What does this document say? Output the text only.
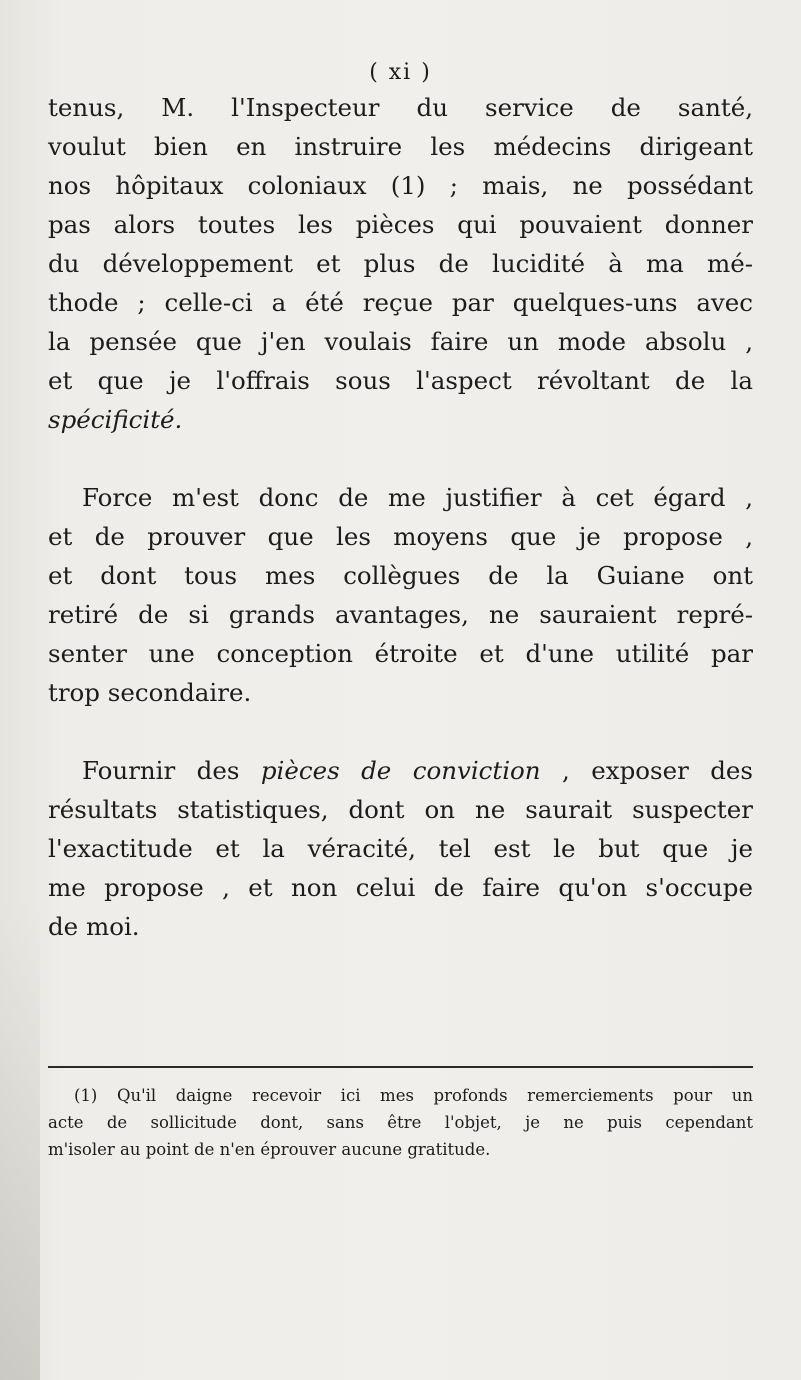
( xi )

tenus, M. l'Inspecteur du service de santé,

voulut bien en instruire les médecins dirigeant

nos hôpitaux coloniaux (1) ; mais, ne possédant

pas alors toutes les pièces qui pouvaient donner

du développement et plus de lucidité à ma mé-

thode ; celle-ci a été reçue par quelques-uns avec

la pensée que j'en voulais faire un mode absolu ,

et que je l'offrais sous l'aspect révoltant de la

spécificité.

Force m'est donc de me justifier à cet égard ,

et de prouver que les moyens que je propose ,

et dont tous mes collègues de la Guiane ont

retiré de si grands avantages, ne sauraient repré-

senter une conception étroite et d'une utilité par

trop secondaire.

Fournir des pièces de conviction , exposer des

résultats statistiques, dont on ne saurait suspecter

l'exactitude et la véracité, tel est le but que je

me propose , et non celui de faire qu'on s'occupe

de moi.

(1) Qu'il daigne recevoir ici mes profonds remerciements pour un

acte de sollicitude dont, sans être l'objet, je ne puis cependant

m'isoler au point de n'en éprouver aucune gratitude.
